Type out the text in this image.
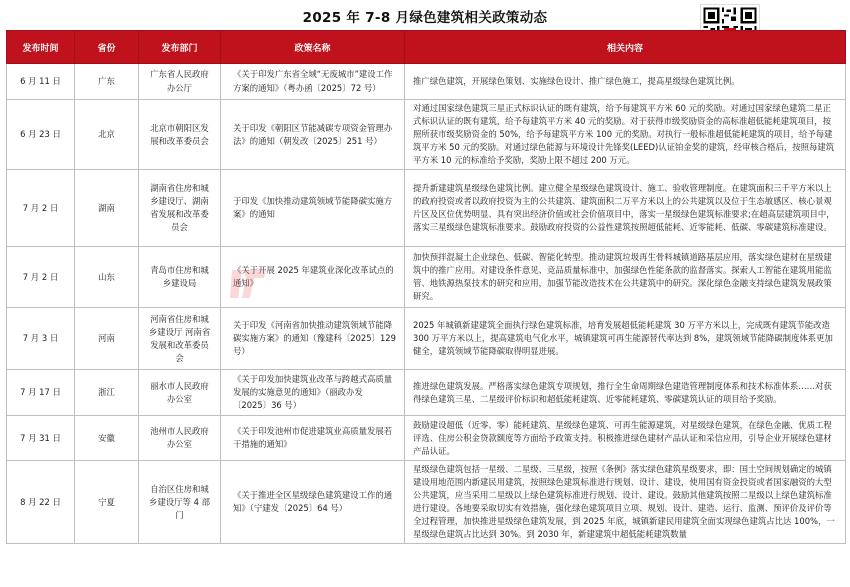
2025 年 7-8 月绿色建筑相关政策动态
发布时间	省份	发布部门	政策名称	相关内容
6 月 11 日	广东	广东省人民政府办公厅	《关于印发广东省全域“无废城市”建设工作方案的通知》（粤办函〔2025〕72 号）	推广绿色建筑，开展绿色策划、实施绿色设计、推广绿色施工，提高星级绿色建筑比例。
6 月 23 日	北京	北京市朝阳区发展和改革委员会	关于印发《朝阳区节能减碳专项资金管理办法》的通知（朝发改〔2025〕251 号）	对通过国家绿色建筑三星正式标识认证的既有建筑，给予每建筑平方米 60 元的奖励。对通过国家绿色建筑二星正式标识认证的既有建筑，给予每建筑平方米 40 元的奖励。对于获得市级奖励资金的高标准超低能耗建筑项目，按照所获市级奖励资金的 50%，给予每建筑平方米 100 元的奖励。对执行一般标准超低能耗建筑的项目，给予每建筑平方米 50 元的奖励。对通过绿色能源与环境设计先锋奖(LEED)认证铂金奖的建筑，经审核合格后，按照每建筑平方米 10 元的标准给予奖励，奖励上限不超过 200 万元。
7 月 2 日	湖南	湖南省住房和城乡建设厅、湖南省发展和改革委员会	于印发《加快推动建筑领域节能降碳实施方案》的通知	提升新建建筑星级绿色建筑比例。建立健全星级绿色建筑设计、施工、验收管理制度。在建筑面积三千平方米以上的政府投资或者以政府投资为主的公共建筑、建筑面积二万平方米以上的公共建筑以及位于生态敏感区、核心景观片区及区位优势明显、具有突出经济价值或社会价值项目中，落实一星级绿色建筑标准要求;在超高层建筑项目中，落实三星级绿色建筑标准要求。鼓励政府投资的公益性建筑按照超低能耗、近零能耗、低碳、零碳建筑标准建设。
7 月 2 日	山东	青岛市住房和城乡建设局	《关于开展 2025 年建筑业深化改革试点的通知》	加快预拌混凝土企业绿色、低碳、智能化转型。推动建筑垃圾再生骨料城镇道路基层应用，落实绿色建材在星级建筑中的推广应用。对建设条件意见、竞品质量标准中，加强绿色性能条款的监督落实。探索人工智能在建筑用能监管、地铁源热泵技术的研究和应用，加强节能改造技术在公共建筑中的研究。深化绿色金融支持绿色建筑发展政策研究。
7 月 3 日	河南	河南省住房和城乡建设厅 河南省发展和改革委员会	关于印发《河南省加快推动建筑领域节能降碳实施方案》的通知（豫建科〔2025〕129 号）	2025 年城镇新建建筑全面执行绿色建筑标准，培育发展超低能耗建筑 30 万平方米以上，完成既有建筑节能改造 300 万平方米以上，提高建筑电气化水平，城镇建筑可再生能源替代率达到 8%，建筑领域节能降碳制度体系更加健全，建筑领域节能降碳取得明显进展。
7 月 17 日	浙江	丽水市人民政府办公室	《关于印发加快建筑业改革与跨越式高质量发展的实施意见的通知》（丽政办发〔2025〕36 号）	推进绿色建筑发展。严格落实绿色建筑专项规划，推行全生命周期绿色建造管理制度体系和技术标准体系……对获得绿色建筑三星、二星级评价标识和超低能耗建筑、近零能耗建筑、零碳建筑认证的项目给予奖励。
7 月 31 日	安徽	池州市人民政府办公室	《关于印发池州市促进建筑业高质量发展若干措施的通知》	鼓励建设超低（近零、零）能耗建筑、星级绿色建筑、可再生能源建筑，对星级绿色建筑，在绿色金融、优质工程评选、住房公积金贷款额度等方面给予政策支持。积极推进绿色建材产品认证和采信应用，引导企业开展绿色建材产品认证。
8 月 22 日	宁夏	自治区住房和城乡建设厅等 4 部门	《关于推进全区星级绿色建筑建设工作的通知》（宁建发〔2025〕64 号）	星级绿色建筑包括一星级、二星级、三星级，按照《条例》落实绿色建筑星级要求，即：国土空间规划确定的城镇建设用地范围内新建民用建筑，按照绿色建筑标准进行规划、设计、建设，使用国有资金投资或者国家融资的大型公共建筑，应当采用二星级以上绿色建筑标准进行规划、设计、建设。鼓励其他建筑按照二星级以上绿色建筑标准进行建设。各地要采取切实有效措施，强化绿色建筑项目立项、规划、设计、建造、运行、监测、预评价及评价等全过程管理，加快推进星级绿色建筑发展，到 2025 年底，城镇新建民用建筑全面实现绿色建筑占比达 100%，一星级绿色建筑占比达到 30%。到 2030 年，新建建筑中超低能耗建筑数量
